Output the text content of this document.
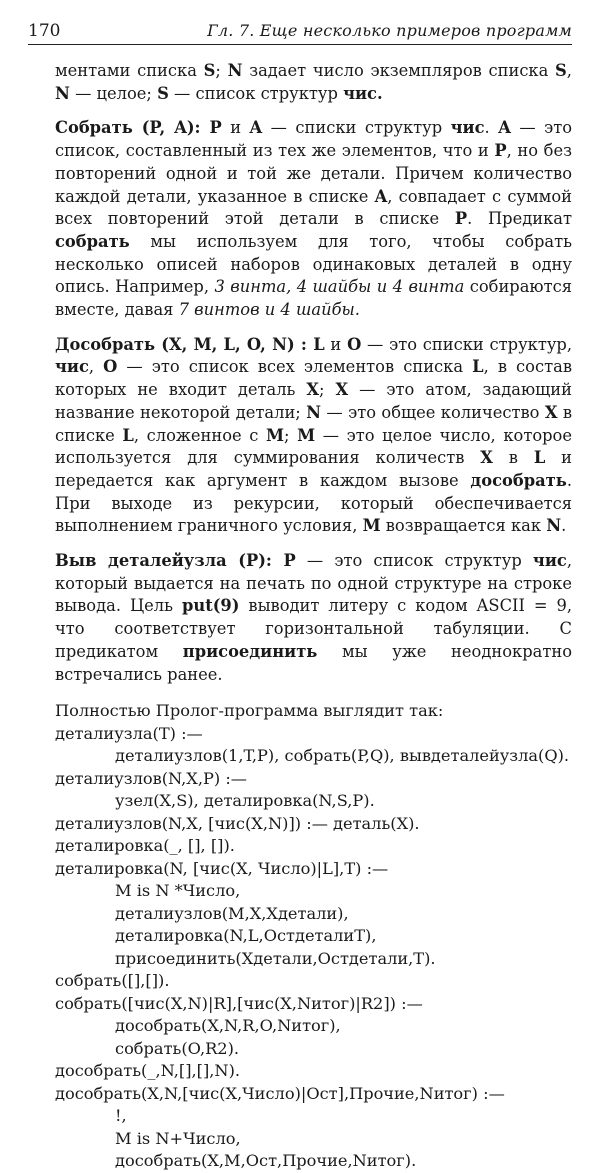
170	Гл. 7. Еще несколько примеров программ

ментами списка S; N задает число экземпляров списка S, N — целое; S — список структур чис.

Собрать (P, A): P и A — списки структур чис. A — это список, составленный из тех же элементов, что и P, но без повторений одной и той же детали. Причем количество каждой детали, указанное в списке A, совпадает с суммой всех повторений этой детали в списке P. Предикат собрать мы используем для того, чтобы собрать несколько описей наборов одинаковых деталей в одну опись. Например, 3 винта, 4 шайбы и 4 винта собираются вместе, давая 7 винтов и 4 шайбы.

Дособрать (X, M, L, O, N) : L и O — это списки структур, чис, O — это список всех элементов списка L, в состав которых не входит деталь X; X — это атом, задающий название некоторой детали; N — это общее количество X в списке L, сложенное с M; M — это целое число, которое используется для суммирования количеств X в L и передается как аргумент в каждом вызове дособрать. При выходе из рекурсии, который обеспечивается выполнением граничного условия, M возвращается как N.

Выв деталейузла (P): P — это список структур чис, который выдается на печать по одной структуре на строке вывода. Цель put(9) выводит литеру с кодом ASCII = 9, что соответствует горизонтальной табуляции. С предикатом присоединить мы уже неоднократно встречались ранее.

Полностью Пролог-программа выглядит так:
деталиузла(T) :—
деталиузлов(1,T,P), собрать(P,Q), вывдеталейузла(Q).
деталиузлов(N,X,P) :—
узел(X,S), деталировка(N,S,P).
деталиузлов(N,X, [чис(X,N)]) :— деталь(X).
деталировка(_, [], []).
деталировка(N, [чис(X, Число)|L],T) :—
M is N *Число,
деталиузлов(M,X,Хдетали),
деталировка(N,L,ОстдеталиT),
присоединить(Хдетали,Остдетали,T).
собрать([],[]).
собрать([чис(X,N)|R],[чис(X,Nитог)|R2]) :—
дособрать(X,N,R,O,Nитог),
собрать(O,R2).
дособрать(_,N,[],[],N).
дособрать(X,N,[чис(X,Число)|Ост],Прочие,Nитог) :—
!,
M is N+Число,
дособрать(X,M,Ост,Прочие,Nитог).
